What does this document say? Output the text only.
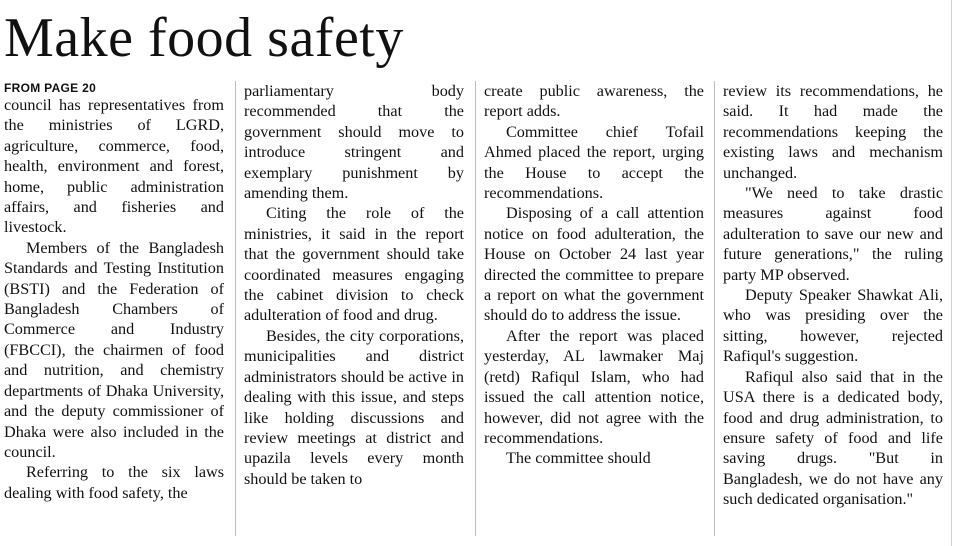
Make food safety
FROM PAGE 20

council has representatives from the ministries of LGRD, agriculture, commerce, food, health, environment and forest, home, public administration affairs, and fisheries and livestock.

Members of the Bangladesh Standards and Testing Institution (BSTI) and the Federation of Bangladesh Chambers of Commerce and Industry (FBCCI), the chairmen of food and nutrition, and chemistry departments of Dhaka University, and the deputy commissioner of Dhaka were also included in the council.

Referring to the six laws dealing with food safety, the

parliamentary body recommended that the government should move to introduce stringent and exemplary punishment by amending them.

Citing the role of the ministries, it said in the report that the government should take coordinated measures engaging the cabinet division to check adulteration of food and drug.

Besides, the city corporations, municipalities and district administrators should be active in dealing with this issue, and steps like holding discussions and review meetings at district and upazila levels every month should be taken to

create public awareness, the report adds.

Committee chief Tofail Ahmed placed the report, urging the House to accept the recommendations.

Disposing of a call attention notice on food adulteration, the House on October 24 last year directed the committee to prepare a report on what the government should do to address the issue.

After the report was placed yesterday, AL lawmaker Maj (retd) Rafiqul Islam, who had issued the call attention notice, however, did not agree with the recommendations.

The committee should

review its recommendations, he said. It had made the recommendations keeping the existing laws and mechanism unchanged.

"We need to take drastic measures against food adulteration to save our new and future generations," the ruling party MP observed.

Deputy Speaker Shawkat Ali, who was presiding over the sitting, however, rejected Rafiqul's suggestion.

Rafiqul also said that in the USA there is a dedicated body, food and drug administration, to ensure safety of food and life saving drugs. "But in Bangladesh, we do not have any such dedicated organisation."
